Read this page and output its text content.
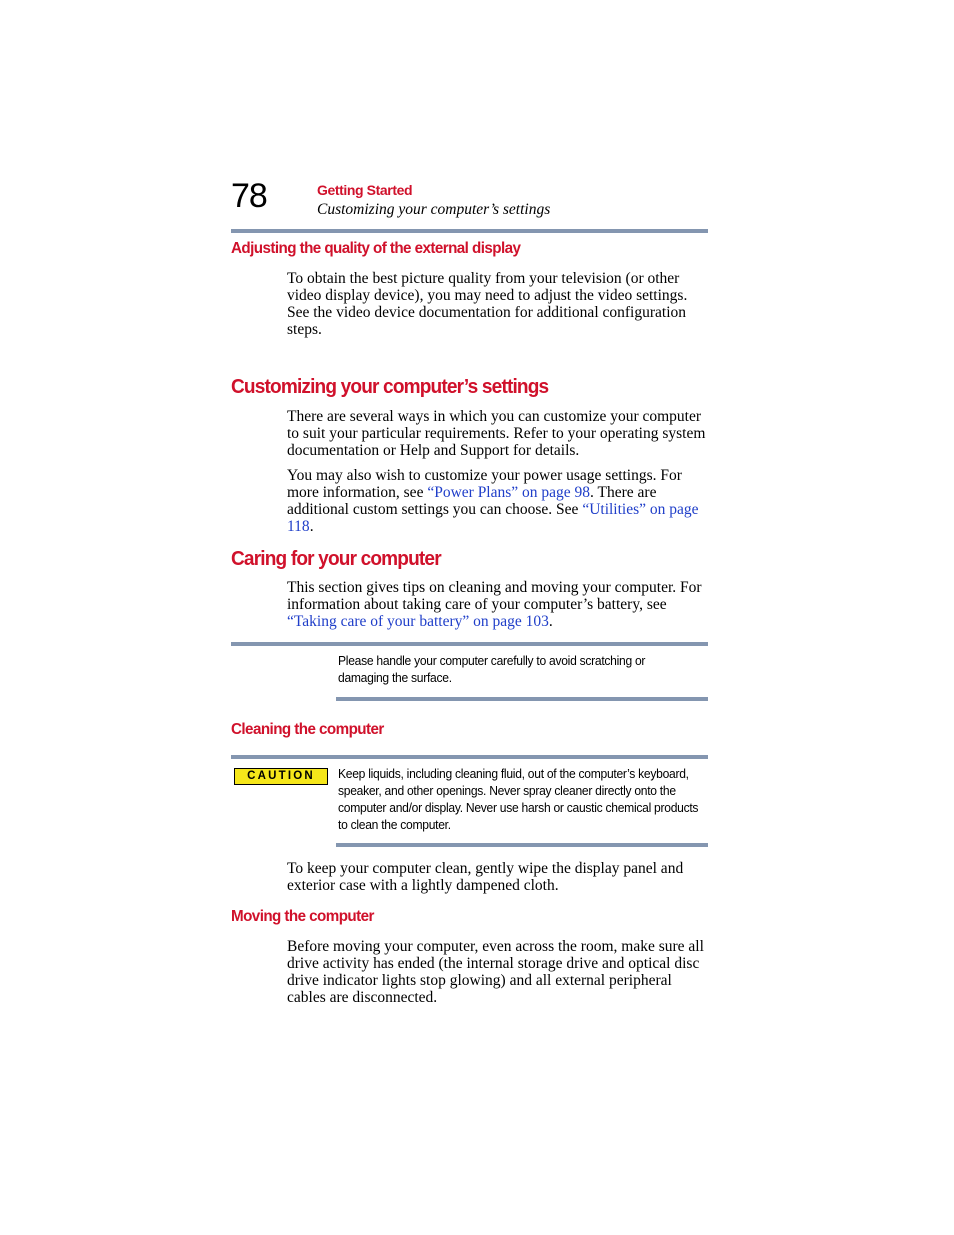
78	Getting Started
Customizing your computer’s settings
Adjusting the quality of the external display
To obtain the best picture quality from your television (or other video display device), you may need to adjust the video settings. See the video device documentation for additional configuration steps.
Customizing your computer’s settings
There are several ways in which you can customize your computer to suit your particular requirements. Refer to your operating system documentation or Help and Support for details.
You may also wish to customize your power usage settings. For more information, see “Power Plans” on page 98. There are additional custom settings you can choose. See “Utilities” on page 118.
Caring for your computer
This section gives tips on cleaning and moving your computer. For information about taking care of your computer’s battery, see “Taking care of your battery” on page 103.
Please handle your computer carefully to avoid scratching or damaging the surface.
Cleaning the computer
CAUTION	Keep liquids, including cleaning fluid, out of the computer’s keyboard, speaker, and other openings. Never spray cleaner directly onto the computer and/or display. Never use harsh or caustic chemical products to clean the computer.
To keep your computer clean, gently wipe the display panel and exterior case with a lightly dampened cloth.
Moving the computer
Before moving your computer, even across the room, make sure all drive activity has ended (the internal storage drive and optical disc drive indicator lights stop glowing) and all external peripheral cables are disconnected.
